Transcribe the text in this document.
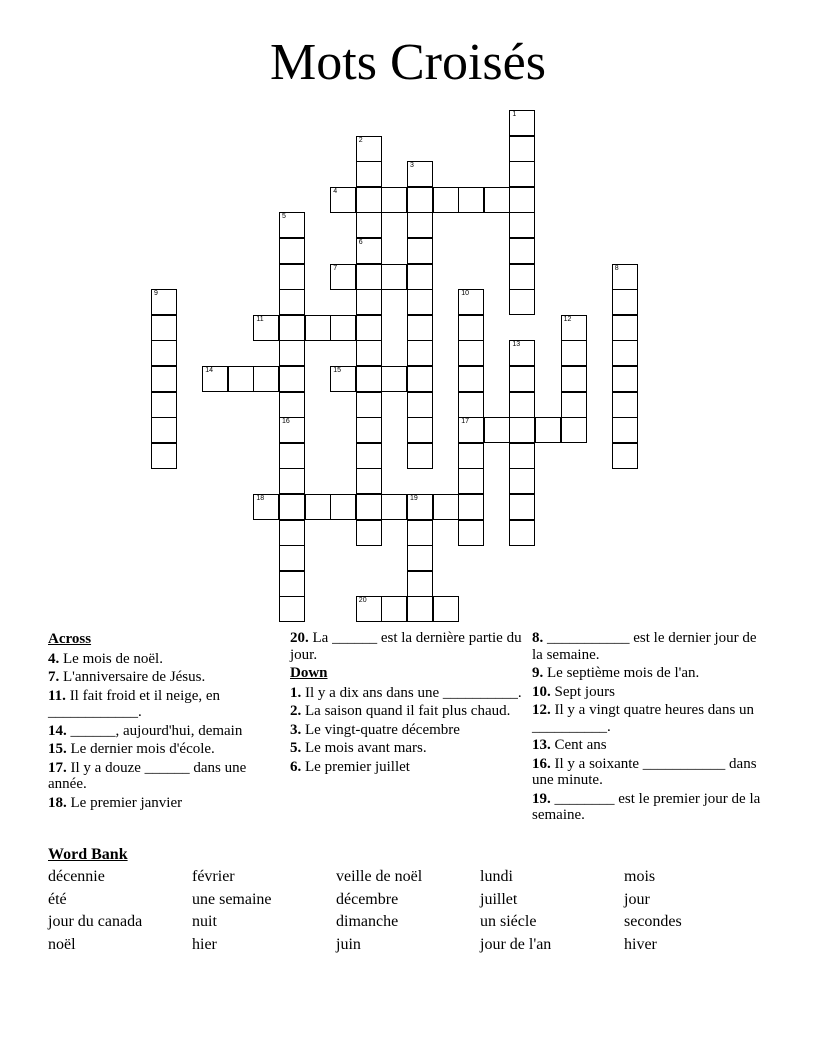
Mots Croisés
1
2
6
3
4
5
16
7	8
9	10
17
11	12
13
14	15
18	19
20
Across
4. Le mois de noël.
7. L'anniversaire de Jésus.
11. Il fait froid et il neige, en ____________.
14. ______, aujourd'hui, demain
15. Le dernier mois d'école.
17. Il y a douze ______ dans une année.
18. Le premier janvier
20. La ______ est la dernière partie du jour.
Down
1. Il y a dix ans dans une __________.
2. La saison quand il fait plus chaud.
3. Le vingt-quatre décembre
5. Le mois avant mars.
6. Le premier juillet
8. ___________ est le dernier jour de la semaine.
9. Le septième mois de l'an.
10. Sept jours
12. Il y a vingt quatre heures dans un __________.
13. Cent ans
16. Il y a soixante ___________ dans une minute.
19. ________ est le premier jour de la semaine.
Word Bank
décennie	février	veille de noël	lundi	mois
été	une semaine	décembre	juillet	jour
jour du canada	nuit	dimanche	un siécle	secondes
noël	hier	juin	jour de l'an	hiver
